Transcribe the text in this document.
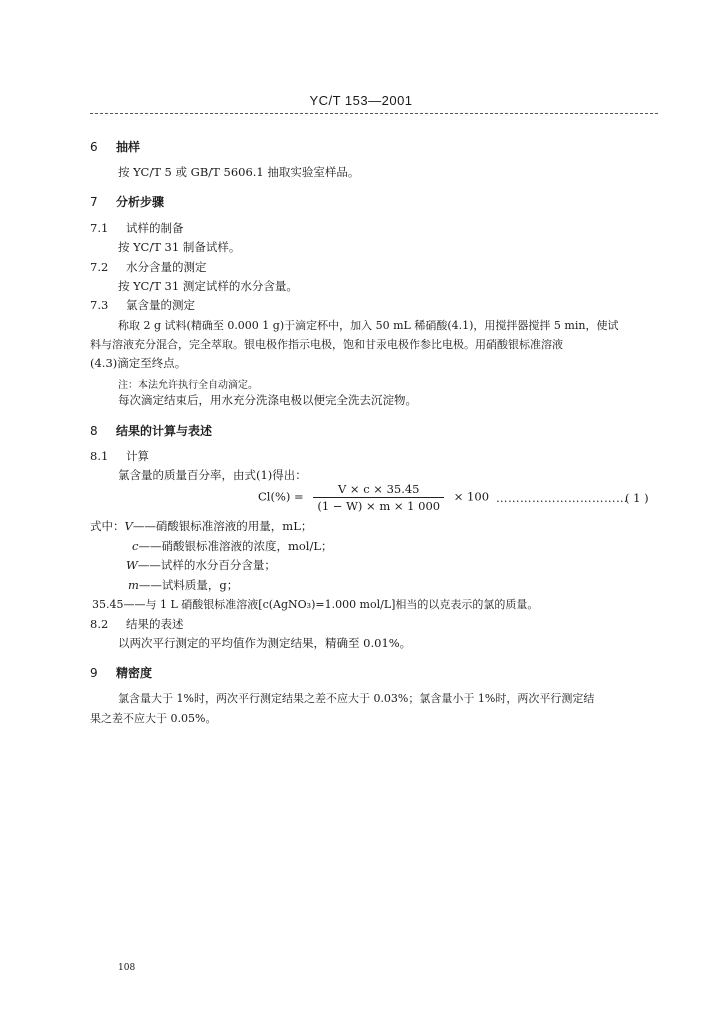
YC/T 153—2001
6 抽样
按 YC/T 5 或 GB/T 5606.1 抽取实验室样品。
7 分析步骤
7.1 试样的制备
按 YC/T 31 制备试样。
7.2 水分含量的测定
按 YC/T 31 测定试样的水分含量。
7.3 氯含量的测定
称取 2 g 试料(精确至 0.000 1 g)于滴定杯中，加入 50 mL 稀硝酸(4.1)，用搅拌器搅拌 5 min，使试
料与溶液充分混合，完全萃取。银电极作指示电极，饱和甘汞电极作参比电极。用硝酸银标准溶液
(4.3)滴定至终点。
注：本法允许执行全自动滴定。
每次滴定结束后，用水充分洗涤电极以便完全洗去沉淀物。
8 结果的计算与表述
8.1 计算
氯含量的质量百分率，由式(1)得出：
$Cl(\%) = \frac{V \times c \times 35.45}{(1 - W) \times m \times 1 000} \times 100$ ……………………………
( 1 )
式中：V——硝酸银标准溶液的用量，mL；
c——硝酸银标准溶液的浓度，mol/L；
W——试样的水分百分含量；
m——试料质量，g；
35.45——与 1 L 硝酸银标准溶液[c(AgNO₃)=1.000 mol/L]相当的以克表示的氯的质量。
8.2 结果的表述
以两次平行测定的平均值作为测定结果，精确至 0.01%。
9 精密度
氯含量大于 1%时，两次平行测定结果之差不应大于 0.03%；氯含量小于 1%时，两次平行测定结
果之差不应大于 0.05%。
108
